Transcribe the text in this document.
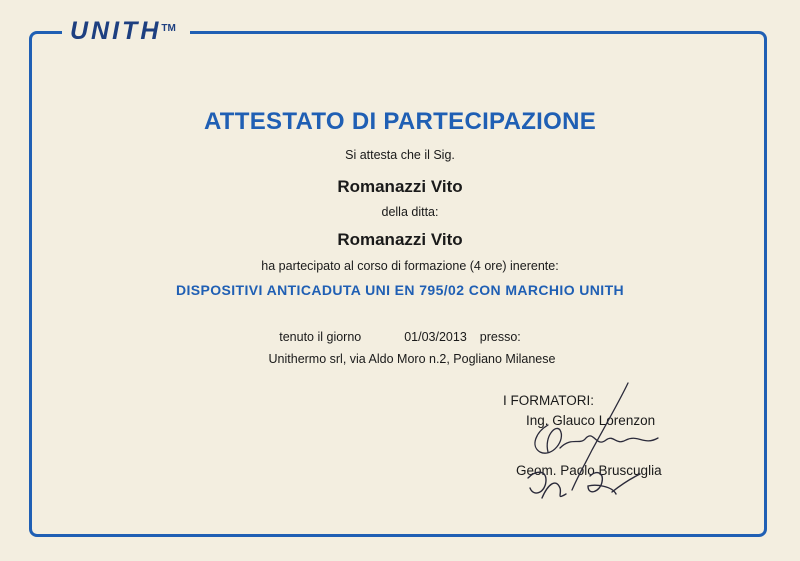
UNITH™
ATTESTATO DI PARTECIPAZIONE
Si attesta che il Sig.
Romanazzi Vito
della ditta:
Romanazzi Vito
ha partecipato al corso di formazione (4 ore) inerente:
DISPOSITIVI ANTICADUTA UNI EN 795/02 CON MARCHIO UNITH
tenuto il giorno	01/03/2013 presso:
Unithermo srl, via Aldo Moro n.2, Pogliano Milanese
I FORMATORI:
Ing. Glauco Lorenzon
Geom. Paolo Bruscuglia
